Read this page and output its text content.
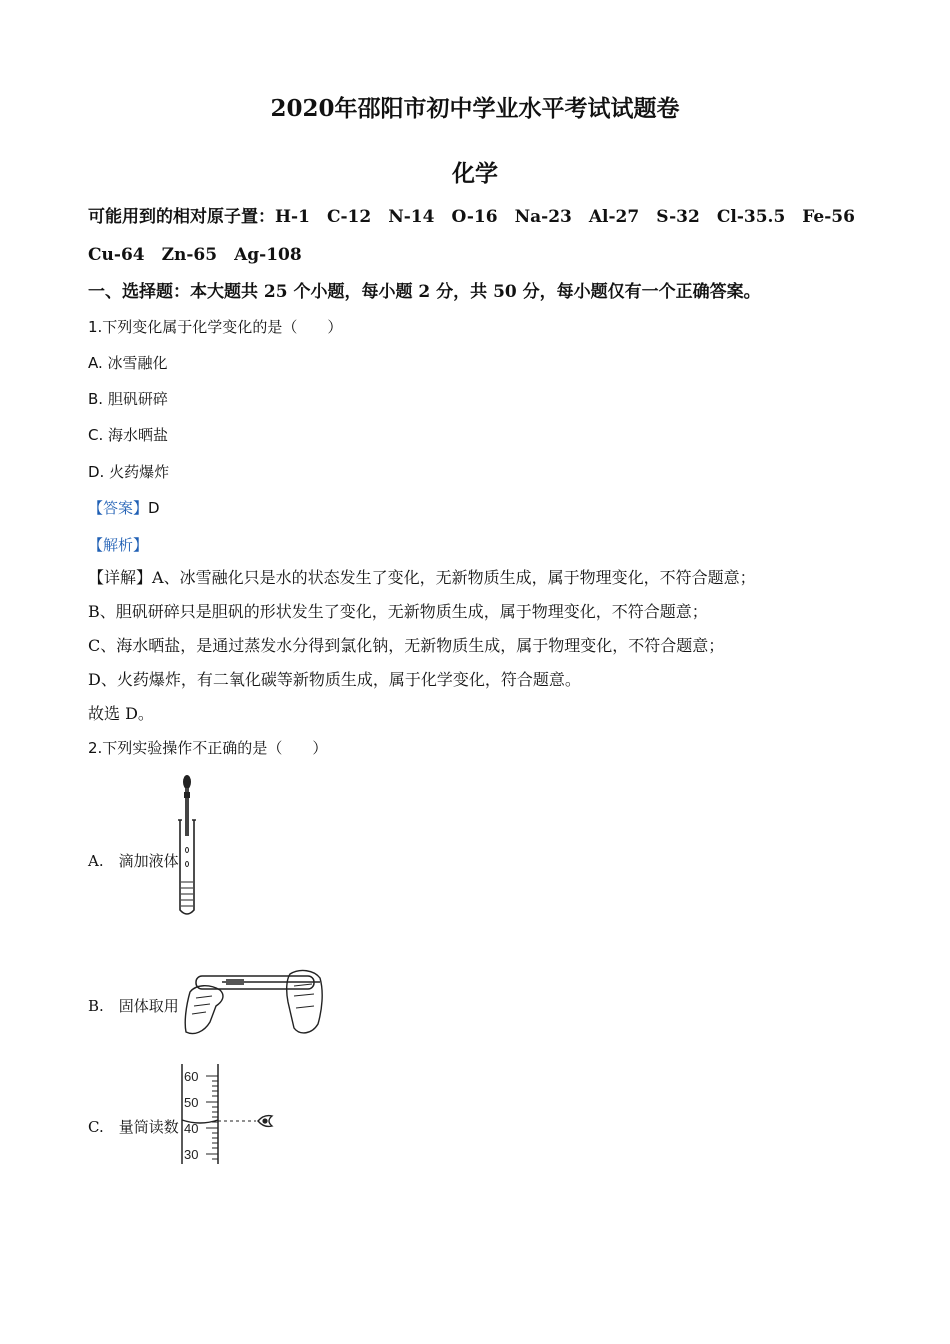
2020年邵阳市初中学业水平考试试题卷
化学
可能用到的相对原子置：H-1　C-12　N-14　O-16　Na-23　Al-27　S-32　Cl-35.5　Fe-56
Cu-64　Zn-65　Ag-108
一、选择题：本大题共 25 个小题，每小题 2 分，共 50 分，每小题仅有一个正确答案。
1.下列变化属于化学变化的是（　　）
A. 冰雪融化
B. 胆矾研碎
C. 海水晒盐
D. 火药爆炸
【答案】D
【解析】
【详解】A、冰雪融化只是水的状态发生了变化，无新物质生成，属于物理变化，不符合题意；
B、胆矾研碎只是胆矾的形状发生了变化，无新物质生成，属于物理变化，不符合题意；
C、海水晒盐，是通过蒸发水分得到氯化钠，无新物质生成，属于物理变化，不符合题意；
D、火药爆炸，有二氧化碳等新物质生成，属于化学变化，符合题意。
故选 D。
2.下列实验操作不正确的是（　　）
A.　滴加液体
B.　固体取用
C.　量筒读数
60
50
40
30
